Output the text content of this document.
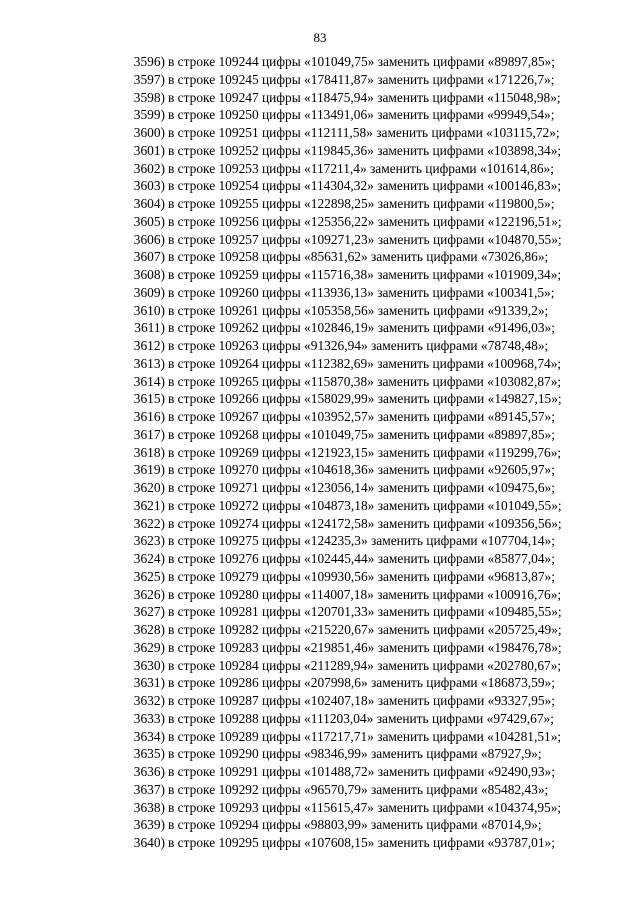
83
3596) в строке 109244 цифры «101049,75» заменить цифрами «89897,85»;
3597) в строке 109245 цифры «178411,87» заменить цифрами «171226,7»;
3598) в строке 109247 цифры «118475,94» заменить цифрами «115048,98»;
3599) в строке 109250 цифры «113491,06» заменить цифрами «99949,54»;
3600) в строке 109251 цифры «112111,58» заменить цифрами «103115,72»;
3601) в строке 109252 цифры «119845,36» заменить цифрами «103898,34»;
3602) в строке 109253 цифры «117211,4» заменить цифрами «101614,86»;
3603) в строке 109254 цифры «114304,32» заменить цифрами «100146,83»;
3604) в строке 109255 цифры «122898,25» заменить цифрами «119800,5»;
3605) в строке 109256 цифры «125356,22» заменить цифрами «122196,51»;
3606) в строке 109257 цифры «109271,23» заменить цифрами «104870,55»;
3607) в строке 109258 цифры «85631,62» заменить цифрами «73026,86»;
3608) в строке 109259 цифры «115716,38» заменить цифрами «101909,34»;
3609) в строке 109260 цифры «113936,13» заменить цифрами «100341,5»;
3610) в строке 109261 цифры «105358,56» заменить цифрами «91339,2»;
3611) в строке 109262 цифры «102846,19» заменить цифрами «91496,03»;
3612) в строке 109263 цифры «91326,94» заменить цифрами «78748,48»;
3613) в строке 109264 цифры «112382,69» заменить цифрами «100968,74»;
3614) в строке 109265 цифры «115870,38» заменить цифрами «103082,87»;
3615) в строке 109266 цифры «158029,99» заменить цифрами «149827,15»;
3616) в строке 109267 цифры «103952,57» заменить цифрами «89145,57»;
3617) в строке 109268 цифры «101049,75» заменить цифрами «89897,85»;
3618) в строке 109269 цифры «121923,15» заменить цифрами «119299,76»;
3619) в строке 109270 цифры «104618,36» заменить цифрами «92605,97»;
3620) в строке 109271 цифры «123056,14» заменить цифрами «109475,6»;
3621) в строке 109272 цифры «104873,18» заменить цифрами «101049,55»;
3622) в строке 109274 цифры «124172,58» заменить цифрами «109356,56»;
3623) в строке 109275 цифры «124235,3» заменить цифрами «107704,14»;
3624) в строке 109276 цифры «102445,44» заменить цифрами «85877,04»;
3625) в строке 109279 цифры «109930,56» заменить цифрами «96813,87»;
3626) в строке 109280 цифры «114007,18» заменить цифрами «100916,76»;
3627) в строке 109281 цифры «120701,33» заменить цифрами «109485,55»;
3628) в строке 109282 цифры «215220,67» заменить цифрами «205725,49»;
3629) в строке 109283 цифры «219851,46» заменить цифрами «198476,78»;
3630) в строке 109284 цифры «211289,94» заменить цифрами «202780,67»;
3631) в строке 109286 цифры «207998,6» заменить цифрами «186873,59»;
3632) в строке 109287 цифры «102407,18» заменить цифрами «93327,95»;
3633) в строке 109288 цифры «111203,04» заменить цифрами «97429,67»;
3634) в строке 109289 цифры «117217,71» заменить цифрами «104281,51»;
3635) в строке 109290 цифры «98346,99» заменить цифрами «87927,9»;
3636) в строке 109291 цифры «101488,72» заменить цифрами «92490,93»;
3637) в строке 109292 цифры «96570,79» заменить цифрами «85482,43»;
3638) в строке 109293 цифры «115615,47» заменить цифрами «104374,95»;
3639) в строке 109294 цифры «98803,99» заменить цифрами «87014,9»;
3640) в строке 109295 цифры «107608,15» заменить цифрами «93787,01»;
